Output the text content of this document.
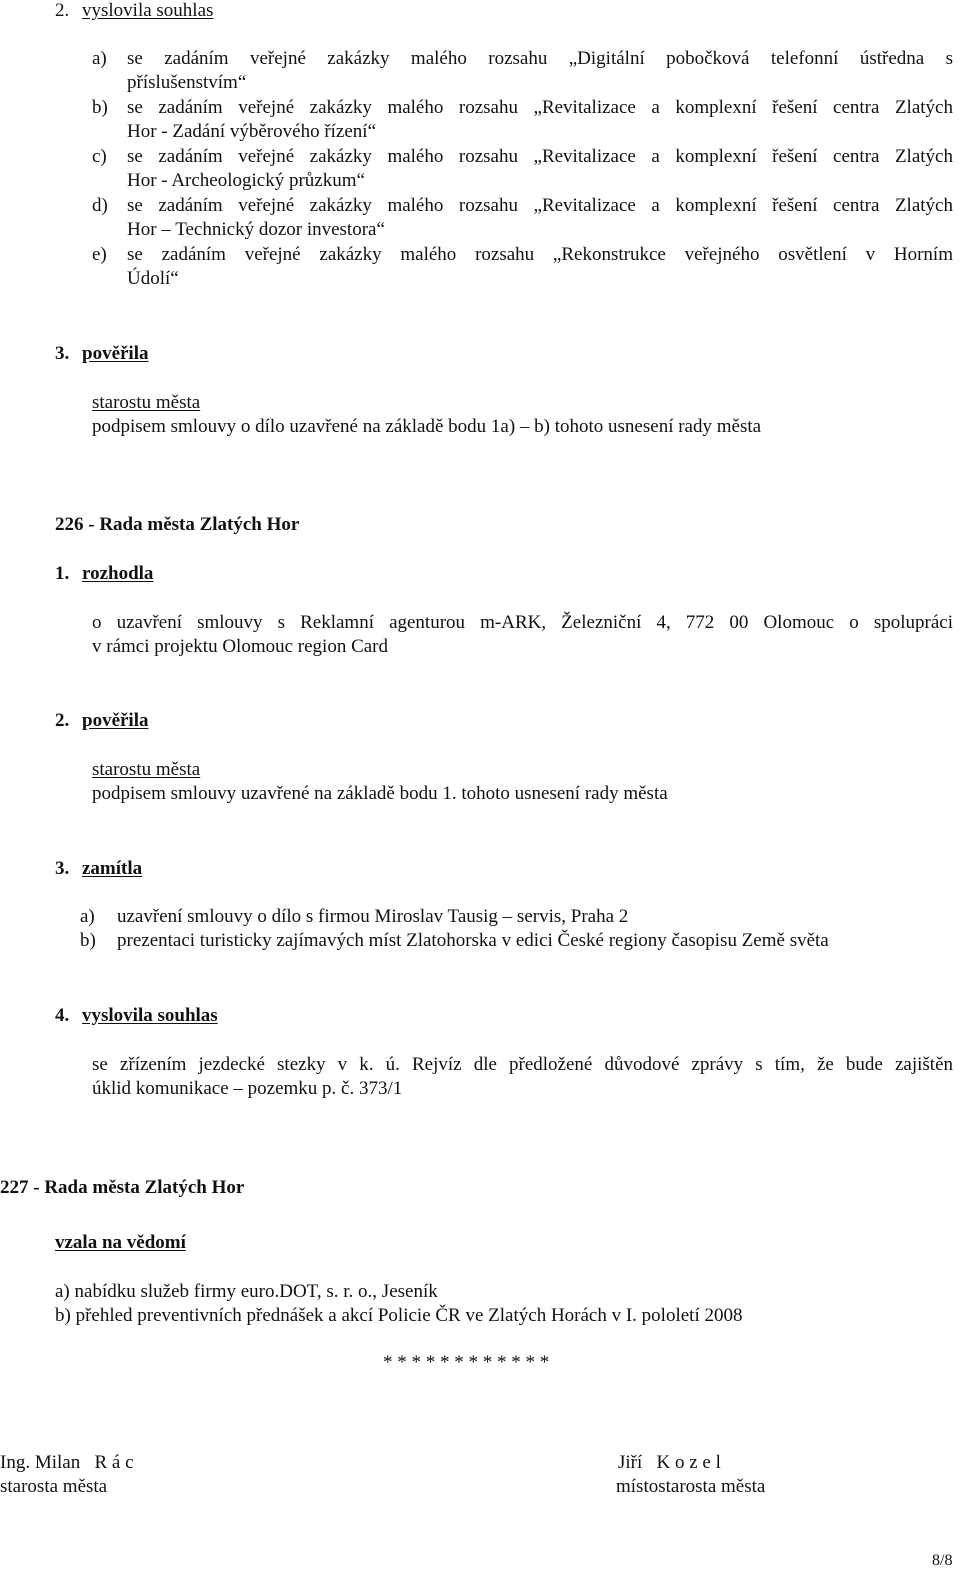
2. vyslovila souhlas
a) se zadáním veřejné zakázky malého rozsahu „Digitální pobočková telefonní ústředna s
příslušenstvím“
b) se zadáním veřejné zakázky malého rozsahu „Revitalizace a komplexní řešení centra Zlatých
Hor - Zadání výběrového řízení“
c) se zadáním veřejné zakázky malého rozsahu „Revitalizace a komplexní řešení centra Zlatých
Hor - Archeologický průzkum“
d) se zadáním veřejné zakázky malého rozsahu „Revitalizace a komplexní řešení centra Zlatých
Hor – Technický dozor investora“
e) se zadáním veřejné zakázky malého rozsahu „Rekonstrukce veřejného osvětlení v Horním
Údolí“
3. pověřila
starostu města
podpisem smlouvy o dílo uzavřené na základě bodu 1a) – b) tohoto usnesení rady města
226 - Rada města Zlatých Hor
1. rozhodla
o uzavření smlouvy s Reklamní agenturou m-ARK, Železniční 4, 772 00 Olomouc o spolupráci
v rámci projektu Olomouc region Card
2. pověřila
starostu města
podpisem smlouvy uzavřené na základě bodu 1. tohoto usnesení rady města
3. zamítla
a) uzavření smlouvy o dílo s firmou Miroslav Tausig – servis, Praha 2
b) prezentaci turisticky zajímavých míst Zlatohorska v edici České regiony časopisu Země světa
4. vyslovila souhlas
se zřízením jezdecké stezky v k. ú. Rejvíz dle předložené důvodové zprávy s tím, že bude zajištěn
úklid komunikace – pozemku p. č. 373/1
227 - Rada města Zlatých Hor
vzala na vědomí
a) nabídku služeb firmy euro.DOT, s. r. o., Jeseník
b) přehled preventivních přednášek a akcí Policie ČR ve Zlatých Horách v I. pololetí 2008
* * * * * * * * * * * *
Ing. Milan   R á c
starosta města
Jiří   K o z e l
místostarosta města
8/8
